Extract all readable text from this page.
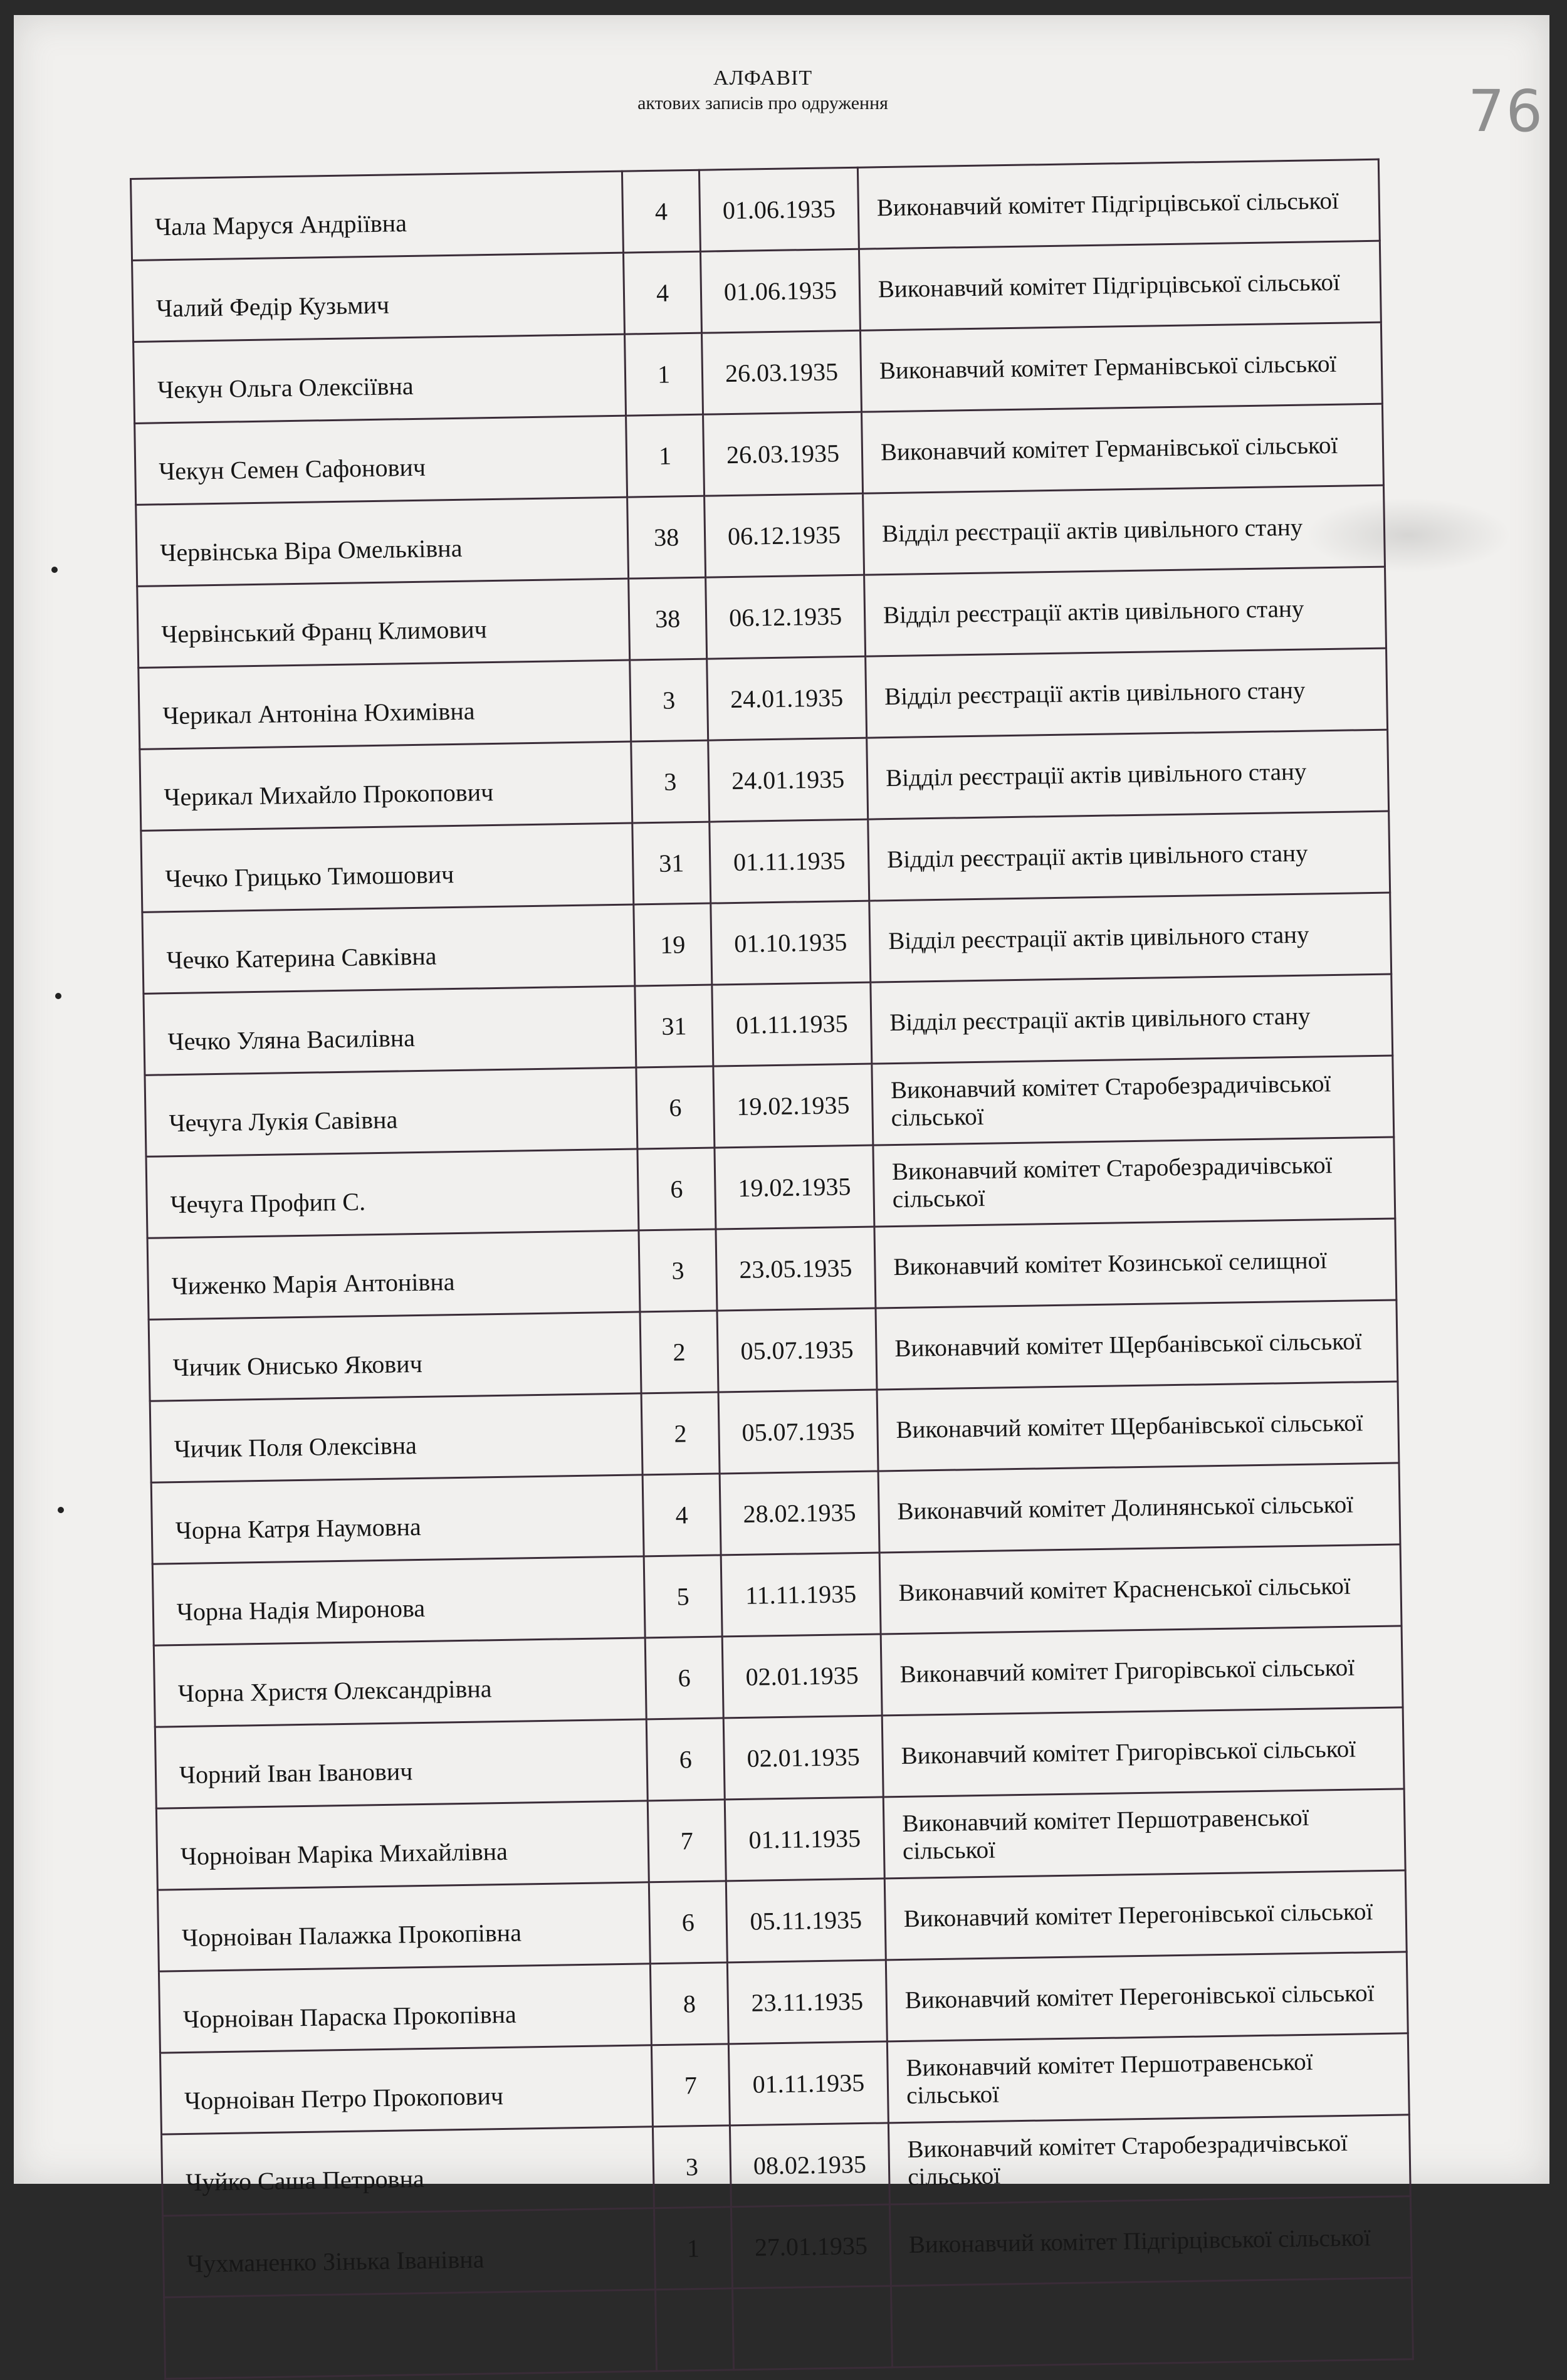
76
АЛФАВІТ
актових записів про одруження
Чала Маруся Андріївна	4	01.06.1935	Виконавчий комітет Підгірцівської сільської
Чалий Федір Кузьмич	4	01.06.1935	Виконавчий комітет Підгірцівської сільської
Чекун Ольга Олексіївна	1	26.03.1935	Виконавчий комітет Германівської сільської
Чекун Семен Сафонович	1	26.03.1935	Виконавчий комітет Германівської сільської
Червінська Віра Омельківна	38	06.12.1935	Відділ реєстрації актів цивільного стану
Червінський Франц Климович	38	06.12.1935	Відділ реєстрації актів цивільного стану
Черикал Антоніна Юхимівна	3	24.01.1935	Відділ реєстрації актів цивільного стану
Черикал Михайло Прокопович	3	24.01.1935	Відділ реєстрації актів цивільного стану
Чечко Грицько Тимошович	31	01.11.1935	Відділ реєстрації актів цивільного стану
Чечко Катерина Савківна	19	01.10.1935	Відділ реєстрації актів цивільного стану
Чечко Уляна Василівна	31	01.11.1935	Відділ реєстрації актів цивільного стану
Чечуга Лукія Савівна	6	19.02.1935	Виконавчий комітет Старобезрадичівської сільської
Чечуга Профип С.	6	19.02.1935	Виконавчий комітет Старобезрадичівської сільської
Чиженко Марія Антонівна	3	23.05.1935	Виконавчий комітет Козинської селищної
Чичик Онисько Якович	2	05.07.1935	Виконавчий комітет Щербанівської сільської
Чичик Поля Олексівна	2	05.07.1935	Виконавчий комітет Щербанівської сільської
Чорна Катря Наумовна	4	28.02.1935	Виконавчий комітет Долинянської сільської
Чорна Надія Миронова	5	11.11.1935	Виконавчий комітет Красненської сільської
Чорна Христя Олександрівна	6	02.01.1935	Виконавчий комітет Григорівської сільської
Чорний Іван Іванович	6	02.01.1935	Виконавчий комітет Григорівської сільської
Чорноіван Маріка Михайлівна	7	01.11.1935	Виконавчий комітет Першотравенської сільської
Чорноіван Палажка Прокопівна	6	05.11.1935	Виконавчий комітет Перегонівської сільської
Чорноіван Параска Прокопівна	8	23.11.1935	Виконавчий комітет Перегонівської сільської
Чорноіван Петро Прокопович	7	01.11.1935	Виконавчий комітет Першотравенської сільської
Чуйко Саша Петровна	3	08.02.1935	Виконавчий комітет Старобезрадичівської сільської
Чухманенко Зінька Іванівна	1	27.01.1935	Виконавчий комітет Підгірцівської сільської
